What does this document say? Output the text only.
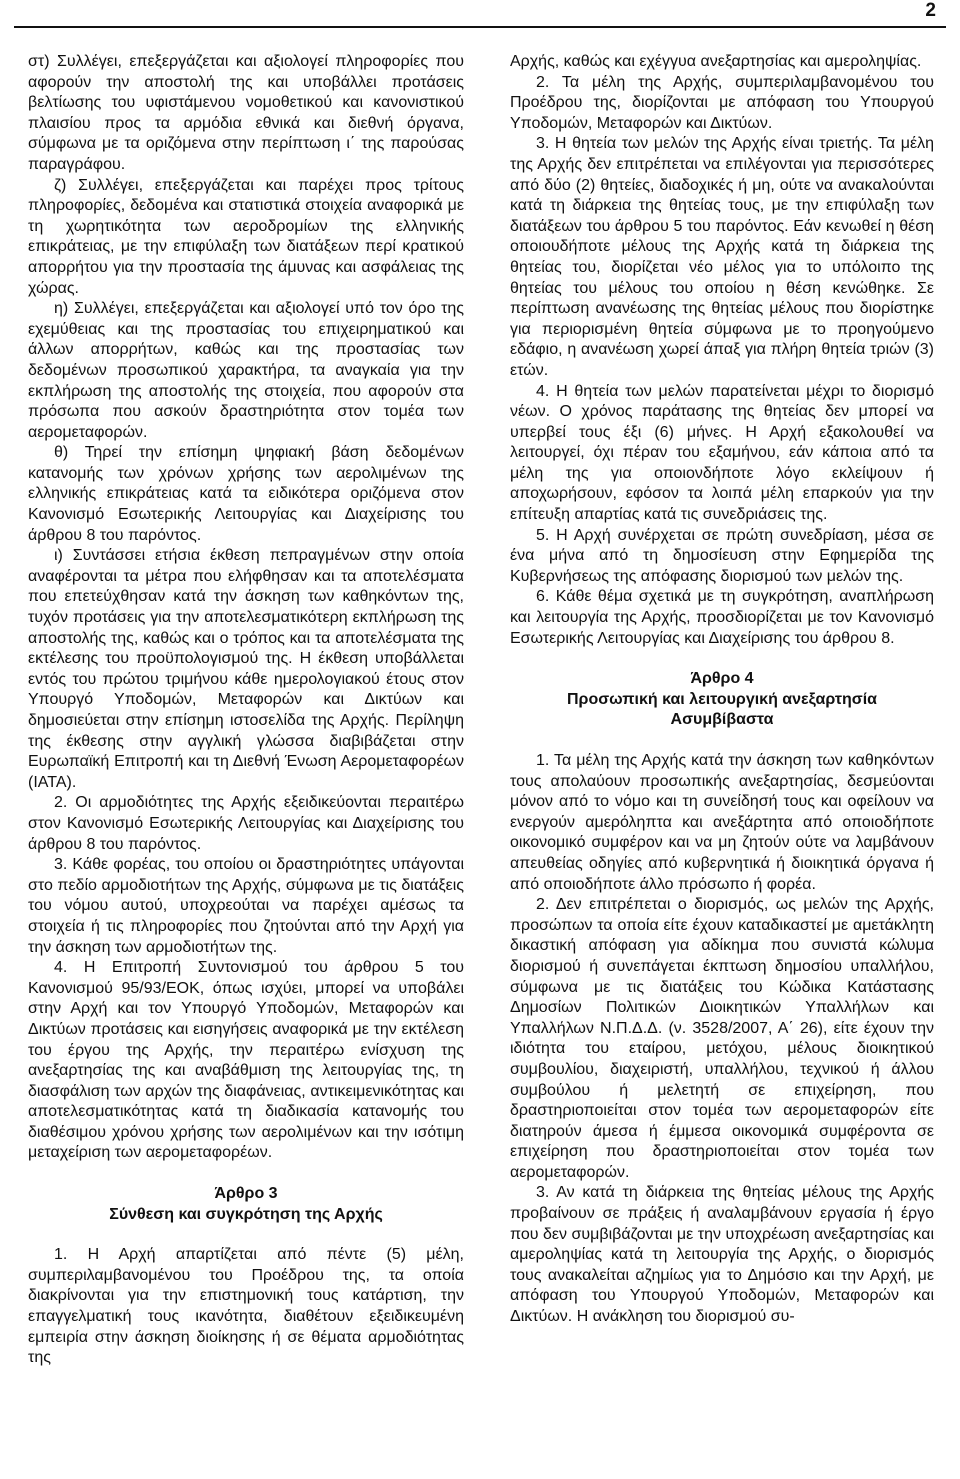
2

στ) Συλλέγει, επεξεργάζεται και αξιολογεί πληροφορίες που αφορούν την αποστολή της και υποβάλλει προτάσεις βελτίωσης του υφιστάμενου νομοθετικού και κανονιστικού πλαισίου προς τα αρμόδια εθνικά και διεθνή όργανα, σύμφωνα με τα οριζόμενα στην περίπτωση ι΄ της παρούσας παραγράφου.

ζ) Συλλέγει, επεξεργάζεται και παρέχει προς τρίτους πληροφορίες, δεδομένα και στατιστικά στοιχεία αναφορικά με τη χωρητικότητα των αεροδρομίων της ελληνικής επικράτειας, με την επιφύλαξη των διατάξεων περί κρατικού απορρήτου για την προστασία της άμυνας και ασφάλειας της χώρας.

η) Συλλέγει, επεξεργάζεται και αξιολογεί υπό τον όρο της εχεμύθειας και της προστασίας του επιχειρηματικού και άλλων απορρήτων, καθώς και της προστασίας των δεδομένων προσωπικού χαρακτήρα, τα αναγκαία για την εκπλήρωση της αποστολής της στοιχεία, που αφορούν στα πρόσωπα που ασκούν δραστηριότητα στον τομέα των αερομεταφορών.

θ) Τηρεί την επίσημη ψηφιακή βάση δεδομένων κατανομής των χρόνων χρήσης των αερολιμένων της ελληνικής επικράτειας κατά τα ειδικότερα οριζόμενα στον Κανονισμό Εσωτερικής Λειτουργίας και Διαχείρισης του άρθρου 8 του παρόντος.

ι) Συντάσσει ετήσια έκθεση πεπραγμένων στην οποία αναφέρονται τα μέτρα που ελήφθησαν και τα αποτελέσματα που επετεύχθησαν κατά την άσκηση των καθηκόντων της, τυχόν προτάσεις για την αποτελεσματικότερη εκπλήρωση της αποστολής της, καθώς και ο τρόπος και τα αποτελέσματα της εκτέλεσης του προϋπολογισμού της. Η έκθεση υποβάλλεται εντός του πρώτου τριμήνου κάθε ημερολογιακού έτους στον Υπουργό Υποδομών, Μεταφορών και Δικτύων και δημοσιεύεται στην επίσημη ιστοσελίδα της Αρχής. Περίληψη της έκθεσης στην αγγλική γλώσσα διαβιβάζεται στην Ευρωπαϊκή Επιτροπή και τη Διεθνή Ένωση Αερομεταφορέων (ΙΑΤΑ).

2. Οι αρμοδιότητες της Αρχής εξειδικεύονται περαιτέρω στον Κανονισμό Εσωτερικής Λειτουργίας και Διαχείρισης του άρθρου 8 του παρόντος.

3. Κάθε φορέας, του οποίου οι δραστηριότητες υπάγονται στο πεδίο αρμοδιοτήτων της Αρχής, σύμφωνα με τις διατάξεις του νόμου αυτού, υποχρεούται να παρέχει αμέσως τα στοιχεία ή τις πληροφορίες που ζητούνται από την Αρχή για την άσκηση των αρμοδιοτήτων της.

4. Η Επιτροπή Συντονισμού του άρθρου 5 του Κανονισμού 95/93/ΕΟΚ, όπως ισχύει, μπορεί να υποβάλει στην Αρχή και τον Υπουργό Υποδομών, Μεταφορών και Δικτύων προτάσεις και εισηγήσεις αναφορικά με την εκτέλεση του έργου της Αρχής, την περαιτέρω ενίσχυση της ανεξαρτησίας της και αναβάθμιση της λειτουργίας της, τη διασφάλιση των αρχών της διαφάνειας, αντικειμενικότητας και αποτελεσματικότητας κατά τη διαδικασία κατανομής του διαθέσιμου χρόνου χρήσης των αερολιμένων και την ισότιμη μεταχείριση των αερομεταφορέων.

Άρθρο 3

Σύνθεση και συγκρότηση της Αρχής

1. Η Αρχή απαρτίζεται από πέντε (5) μέλη, συμπεριλαμβανομένου του Προέδρου της, τα οποία διακρίνονται για την επιστημονική τους κατάρτιση, την επαγγελματική τους ικανότητα, διαθέτουν εξειδικευμένη εμπειρία στην άσκηση διοίκησης ή σε θέματα αρμοδιότητας της

Αρχής, καθώς και εχέγγυα ανεξαρτησίας και αμεροληψίας.

2. Τα μέλη της Αρχής, συμπεριλαμβανομένου του Προέδρου της, διορίζονται με απόφαση του Υπουργού Υποδομών, Μεταφορών και Δικτύων.

3. Η θητεία των μελών της Αρχής είναι τριετής. Τα μέλη της Αρχής δεν επιτρέπεται να επιλέγονται για περισσότερες από δύο (2) θητείες, διαδοχικές ή μη, ούτε να ανακαλούνται κατά τη διάρκεια της θητείας τους, με την επιφύλαξη των διατάξεων του άρθρου 5 του παρόντος. Εάν κενωθεί η θέση οποιουδήποτε μέλους της Αρχής κατά τη διάρκεια της θητείας του, διορίζεται νέο μέλος για το υπόλοιπο της θητείας του μέλους του οποίου η θέση κενώθηκε. Σε περίπτωση ανανέωσης της θητείας μέλους που διορίστηκε για περιορισμένη θητεία σύμφωνα με το προηγούμενο εδάφιο, η ανανέωση χωρεί άπαξ για πλήρη θητεία τριών (3) ετών.

4. Η θητεία των μελών παρατείνεται μέχρι το διορισμό νέων. Ο χρόνος παράτασης της θητείας δεν μπορεί να υπερβεί τους έξι (6) μήνες. Η Αρχή εξακολουθεί να λειτουργεί, όχι πέραν του εξαμήνου, εάν κάποια από τα μέλη της για οποιονδήποτε λόγο εκλείψουν ή αποχωρήσουν, εφόσον τα λοιπά μέλη επαρκούν για την επίτευξη απαρτίας κατά τις συνεδριάσεις της.

5. Η Αρχή συνέρχεται σε πρώτη συνεδρίαση, μέσα σε ένα μήνα από τη δημοσίευση στην Εφημερίδα της Κυβερνήσεως της απόφασης διορισμού των μελών της.

6. Κάθε θέμα σχετικά με τη συγκρότηση, αναπλήρωση και λειτουργία της Αρχής, προσδιορίζεται με τον Κανονισμό Εσωτερικής Λειτουργίας και Διαχείρισης του άρθρου 8.

Άρθρο 4

Προσωπική και λειτουργική ανεξαρτησία

Ασυμβίβαστα

1. Τα μέλη της Αρχής κατά την άσκηση των καθηκόντων τους απολαύουν προσωπικής ανεξαρτησίας, δεσμεύονται μόνον από το νόμο και τη συνείδησή τους και οφείλουν να ενεργούν αμερόληπτα και ανεξάρτητα από οποιοδήποτε οικονομικό συμφέρον και να μη ζητούν ούτε να λαμβάνουν απευθείας οδηγίες από κυβερνητικά ή διοικητικά όργανα ή από οποιοδήποτε άλλο πρόσωπο ή φορέα.

2. Δεν επιτρέπεται ο διορισμός, ως μελών της Αρχής, προσώπων τα οποία είτε έχουν καταδικαστεί με αμετάκλητη δικαστική απόφαση για αδίκημα που συνιστά κώλυμα διορισμού ή συνεπάγεται έκπτωση δημοσίου υπαλλήλου, σύμφωνα με τις διατάξεις του Κώδικα Κατάστασης Δημοσίων Πολιτικών Διοικητικών Υπαλλήλων και Υπαλλήλων Ν.Π.Δ.Δ. (ν. 3528/2007, Α΄ 26), είτε έχουν την ιδιότητα του εταίρου, μετόχου, μέλους διοικητικού συμβουλίου, διαχειριστή, υπαλλήλου, τεχνικού ή άλλου συμβούλου ή μελετητή σε επιχείρηση, που δραστηριοποιείται στον τομέα των αερομεταφορών είτε διατηρούν άμεσα ή έμμεσα οικονομικά συμφέροντα σε επιχείρηση που δραστηριοποιείται στον τομέα των αερομεταφορών.

3. Αν κατά τη διάρκεια της θητείας μέλους της Αρχής προβαίνουν σε πράξεις ή αναλαμβάνουν εργασία ή έργο που δεν συμβιβάζονται με την υποχρέωση ανεξαρτησίας και αμεροληψίας κατά τη λειτουργία της Αρχής, ο διορισμός τους ανακαλείται αζημίως για το Δημόσιο και την Αρχή, με απόφαση του Υπουργού Υποδομών, Μεταφορών και Δικτύων. Η ανάκληση του διορισμού συ-
